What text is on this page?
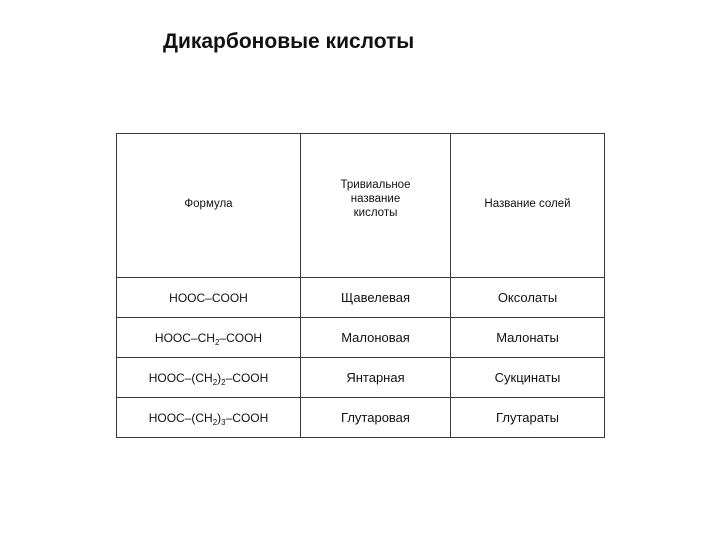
Дикарбоновые кислоты
Формула	Тривиальное название кислоты	Название солей
HOOC–COOH	Щавелевая	Оксолаты
HOOC–$CH_2$–COOH	Малоновая	Малонаты
HOOC–$(CH_2)_2$–COOH	Янтарная	Сукцинаты
HOOC–$(CH_2)_3$–COOH	Глутаровая	Глутараты
